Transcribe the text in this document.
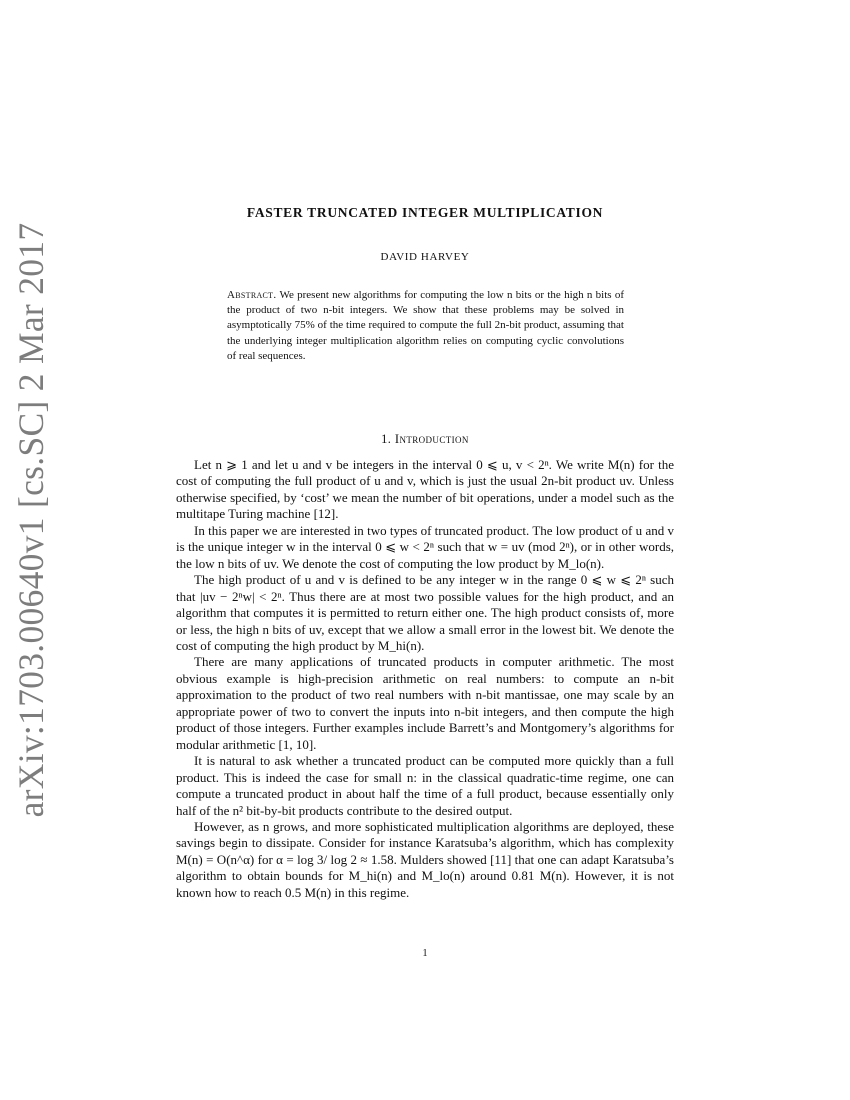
arXiv:1703.00640v1 [cs.SC] 2 Mar 2017
FASTER TRUNCATED INTEGER MULTIPLICATION
DAVID HARVEY
Abstract. We present new algorithms for computing the low n bits or the high n bits of the product of two n-bit integers. We show that these problems may be solved in asymptotically 75% of the time required to compute the full 2n-bit product, assuming that the underlying integer multiplication algorithm relies on computing cyclic convolutions of real sequences.
1. Introduction

Let n ⩾ 1 and let u and v be integers in the interval 0 ⩽ u, v < 2ⁿ. We write M(n) for the cost of computing the full product of u and v, which is just the usual 2n-bit product uv. Unless otherwise specified, by ‘cost’ we mean the number of bit operations, under a model such as the multitape Turing machine [12].

In this paper we are interested in two types of truncated product. The low product of u and v is the unique integer w in the interval 0 ⩽ w < 2ⁿ such that w = uv (mod 2ⁿ), or in other words, the low n bits of uv. We denote the cost of computing the low product by M_lo(n).

The high product of u and v is defined to be any integer w in the range 0 ⩽ w ⩽ 2ⁿ such that |uv − 2ⁿw| < 2ⁿ. Thus there are at most two possible values for the high product, and an algorithm that computes it is permitted to return either one. The high product consists of, more or less, the high n bits of uv, except that we allow a small error in the lowest bit. We denote the cost of computing the high product by M_hi(n).

There are many applications of truncated products in computer arithmetic. The most obvious example is high-precision arithmetic on real numbers: to compute an n-bit approximation to the product of two real numbers with n-bit mantissae, one may scale by an appropriate power of two to convert the inputs into n-bit integers, and then compute the high product of those integers. Further examples include Barrett’s and Montgomery’s algorithms for modular arithmetic [1, 10].

It is natural to ask whether a truncated product can be computed more quickly than a full product. This is indeed the case for small n: in the classical quadratic-time regime, one can compute a truncated product in about half the time of a full product, because essentially only half of the n² bit-by-bit products contribute to the desired output.

However, as n grows, and more sophisticated multiplication algorithms are deployed, these savings begin to dissipate. Consider for instance Karatsuba’s algorithm, which has complexity M(n) = O(n^α) for α = log 3/ log 2 ≈ 1.58. Mulders showed [11] that one can adapt Karatsuba’s algorithm to obtain bounds for M_hi(n) and M_lo(n) around 0.81 M(n). However, it is not known how to reach 0.5 M(n) in this regime.

1
